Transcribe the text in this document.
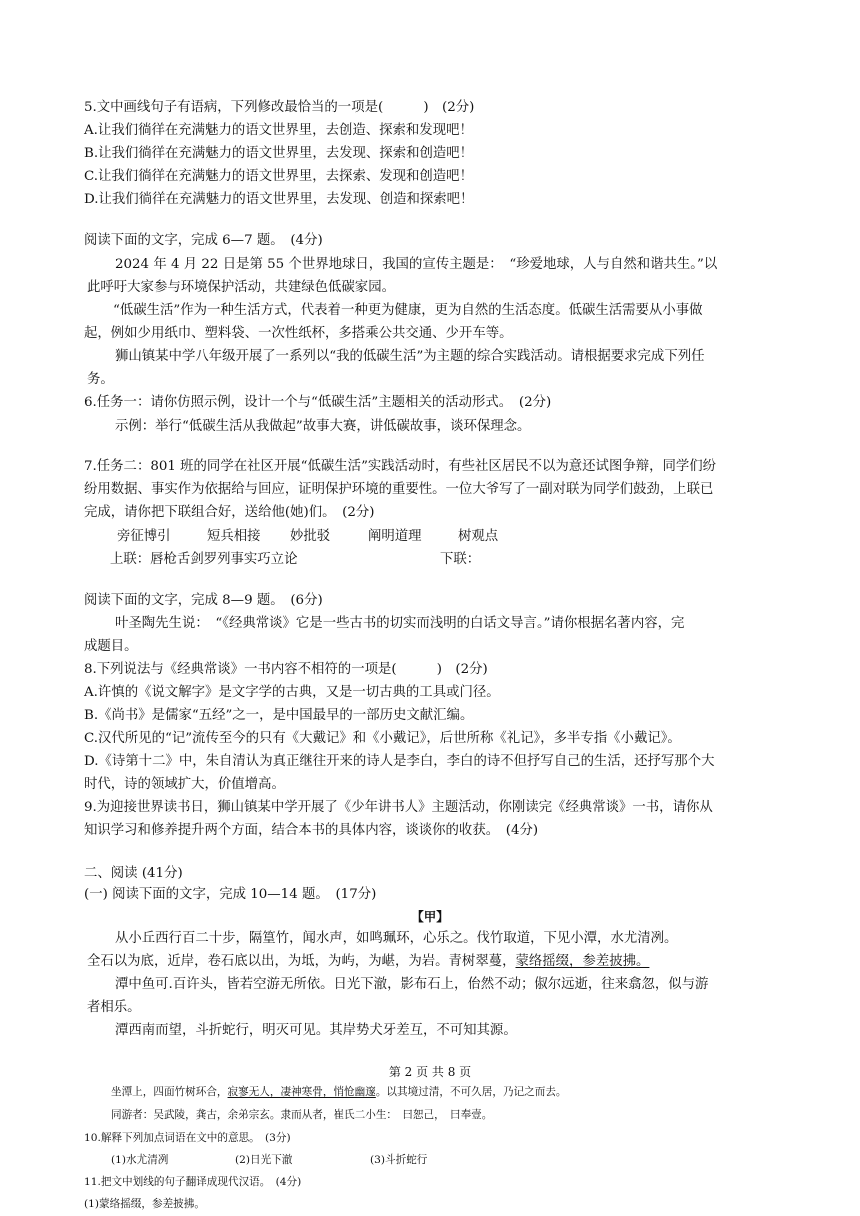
5.文中画线句子有语病，下列修改最恰当的一项是(　　　)　(2分)
A.让我们徜徉在充满魅力的语文世界里，去创造、探索和发现吧！
B.让我们徜徉在充满魅力的语文世界里，去发现、探索和创造吧！
C.让我们徜徉在充满魅力的语文世界里，去探索、发现和创造吧！
D.让我们徜徉在充满魅力的语文世界里，去发现、创造和探索吧！
阅读下面的文字，完成 6—7 题。　(4分)
2024 年 4 月 22 日是第 55 个世界地球日，我国的宣传主题是：　“珍爱地球，人与自然和谐共生。”以
此呼吁大家参与环境保护活动，共建绿色低碳家园。
“低碳生活”作为一种生活方式，代表着一种更为健康，更为自然的生活态度。低碳生活需要从小事做
起，例如少用纸巾、塑料袋、一次性纸杯，多搭乘公共交通、少开车等。
狮山镇某中学八年级开展了一系列以“我的低碳生活”为主题的综合实践活动。请根据要求完成下列任
务。
6.任务一：请你仿照示例，设计一个与“低碳生活”主题相关的活动形式。　(2分)
示例：举行“低碳生活从我做起”故事大赛，讲低碳故事，谈环保理念。
7.任务二：801 班的同学在社区开展“低碳生活”实践活动时，有些社区居民不以为意还试图争辩，同学们纷
纷用数据、事实作为依据给与回应，证明保护环境的重要性。一位大爷写了一副对联为同学们鼓劲，上联已
完成，请你把下联组合好，送给他(她)们。　(2分)
旁征博引	短兵相接 妙批驳	阐明道理	树观点
上联：唇枪舌剑罗列事实巧立论	下联：
阅读下面的文字，完成 8—9 题。　(6分)
叶圣陶先生说：　“《经典常谈》它是一些古书的切实而浅明的白话文导言。”请你根据名著内容，完
成题目。
8.下列说法与《经典常谈》一书内容不相符的一项是(　　　)　(2分)
A.许慎的《说文解字》是文字学的古典，又是一切古典的工具或门径。
B.《尚书》是儒家“五经”之一，是中国最早的一部历史文献汇编。
C.汉代所见的“记”流传至今的只有《大戴记》和《小戴记》，后世所称《礼记》，多半专指《小戴记》。
D.《诗第十二》中，朱自清认为真正继往开来的诗人是李白，李白的诗不但抒写自己的生活，还抒写那个大
时代，诗的领域扩大，价值增高。
9.为迎接世界读书日，狮山镇某中学开展了《少年讲书人》主题活动，你刚读完《经典常谈》一书，请你从
知识学习和修养提升两个方面，结合本书的具体内容，谈谈你的收获。　(4分)
二、阅读 (41分)
(一) 阅读下面的文字，完成 10—14 题。　(17分)
【甲】
从小丘西行百二十步，隔篁竹，闻水声，如鸣珮环，心乐之。伐竹取道，下见小潭，水尤清冽。
全石以为底，近岸，卷石底以出，为坻，为屿，为嵁，为岩。青树翠蔓，蒙络摇缀，参差披拂。
潭中鱼可.百许头，皆若空游无所依。日光下澈，影布石上，佁然不动；俶尔远逝，往来翕忽，似与游
者相乐。
潭西南而望，斗折蛇行，明灭可见。其岸势犬牙差互，不可知其源。
第 2 页 共 8 页
坐潭上，四面竹树环合，寂寥无人，凄神寒骨，悄怆幽邃。以其境过清，不可久居，乃记之而去。
同游者：吴武陵，龚古，余弟宗玄。隶而从者，崔氏二小生：　曰恕己，　曰奉壹。
10.解释下列加点词语在文中的意思。　(3分)
(1)水尤清冽	(2)日光下澈	(3)斗折蛇行
11.把文中划线的句子翻译成现代汉语。　(4分)
(1)蒙络摇缀，参差披拂。
